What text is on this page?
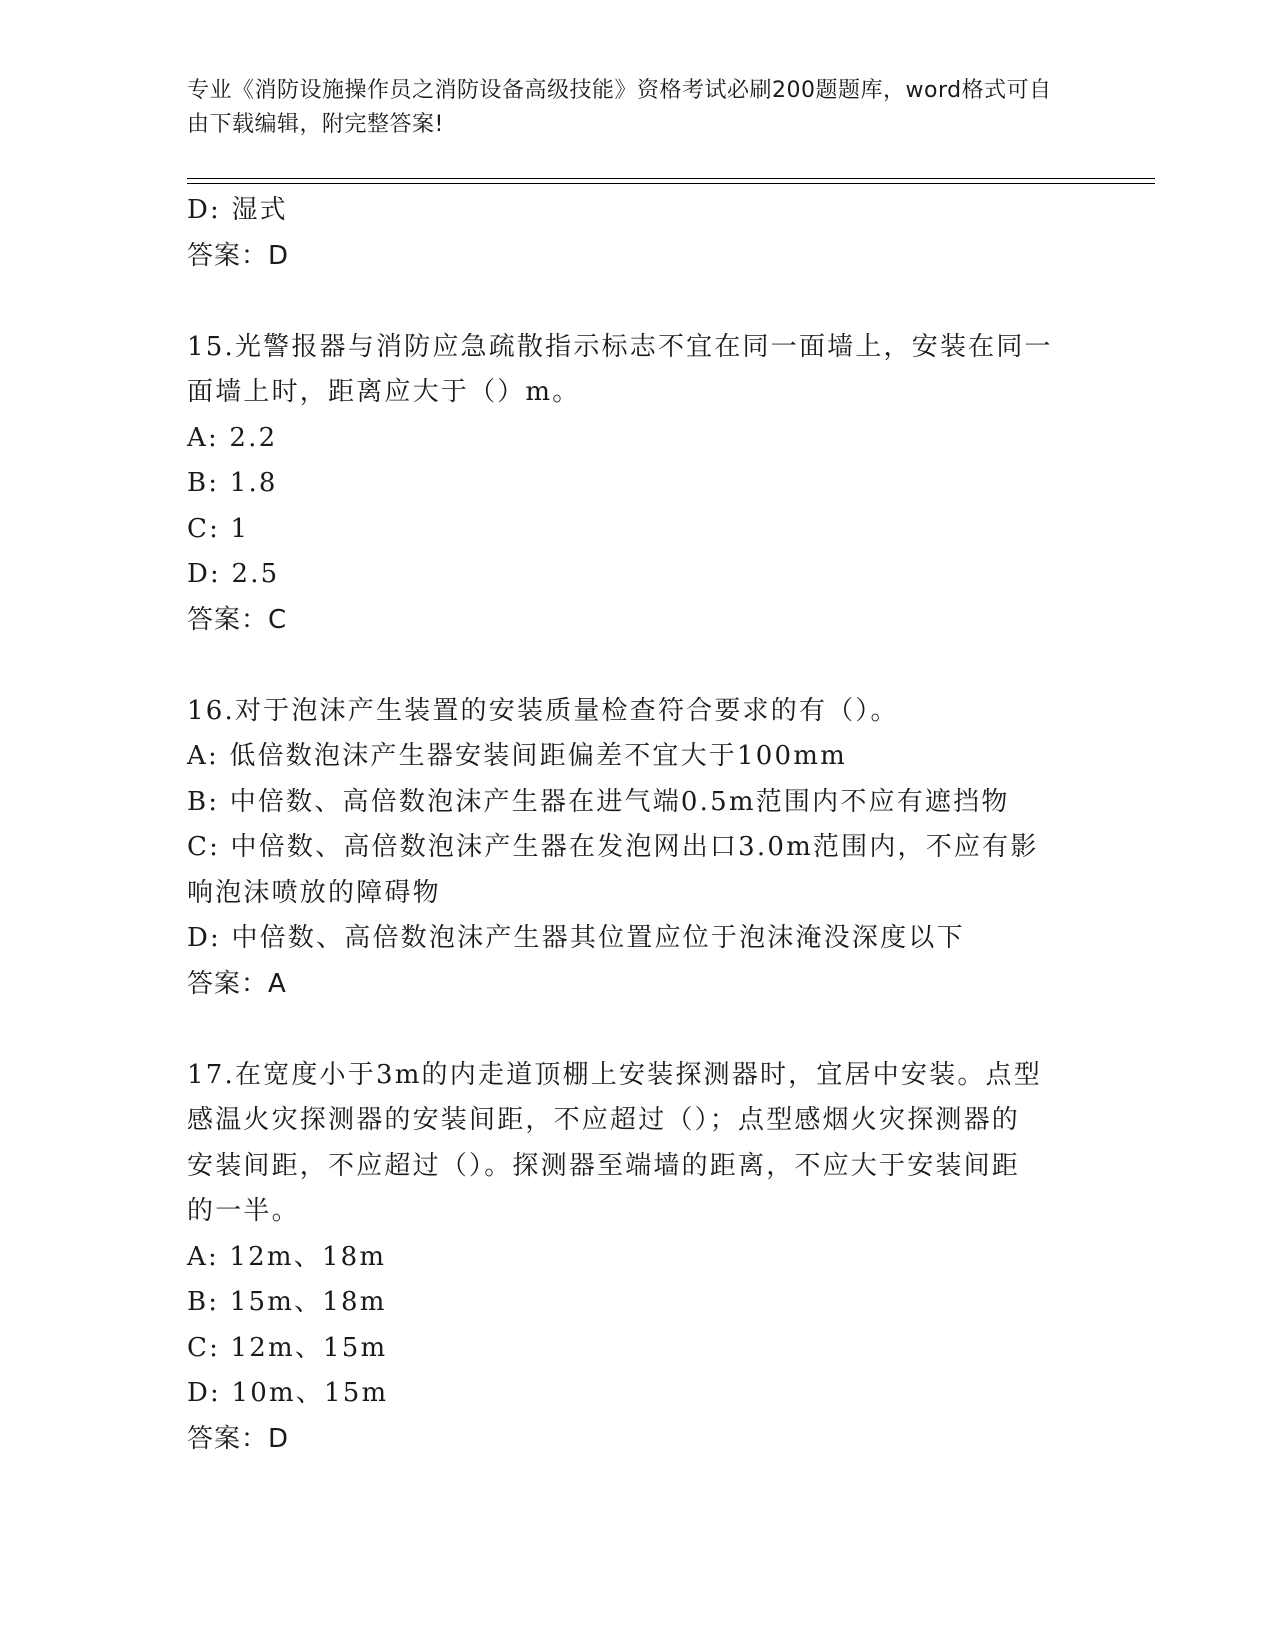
专业《消防设施操作员之消防设备高级技能》资格考试必刷200题题库，word格式可自由下载编辑，附完整答案!

D: 湿式

答案：D

15.光警报器与消防应急疏散指示标志不宜在同一面墙上，安装在同一

面墙上时，距离应大于（）m。

A: 2.2

B: 1.8

C: 1

D: 2.5

答案：C

16.对于泡沫产生装置的安装质量检查符合要求的有（）。

A: 低倍数泡沫产生器安装间距偏差不宜大于100mm

B: 中倍数、高倍数泡沫产生器在进气端0.5m范围内不应有遮挡物

C: 中倍数、高倍数泡沫产生器在发泡网出口3.0m范围内，不应有影

响泡沫喷放的障碍物

D: 中倍数、高倍数泡沫产生器其位置应位于泡沫淹没深度以下

答案：A

17.在宽度小于3m的内走道顶棚上安装探测器时，宜居中安装。点型

感温火灾探测器的安装间距，不应超过（）；点型感烟火灾探测器的

安装间距，不应超过（）。探测器至端墙的距离，不应大于安装间距

的一半。

A: 12m、18m

B: 15m、18m

C: 12m、15m

D: 10m、15m

答案：D
